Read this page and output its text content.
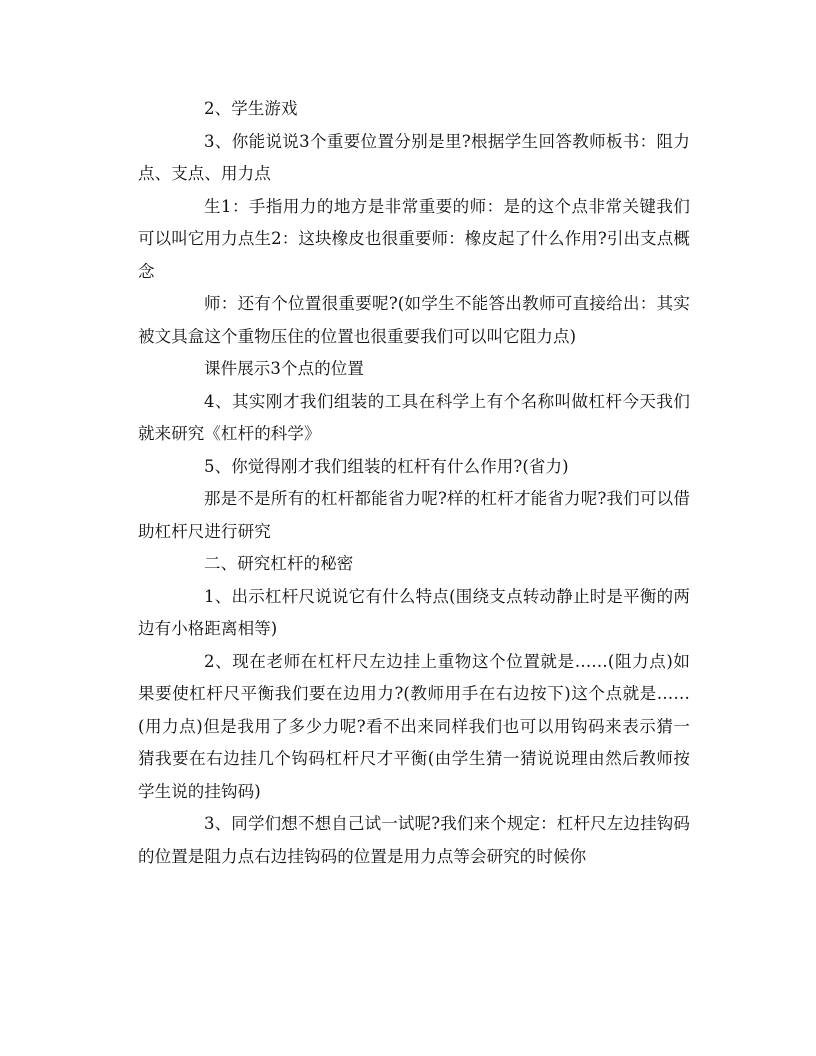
2、学生游戏

3、你能说说3个重要位置分别是里?根据学生回答教师板书：阻力点、支点、用力点

生1：手指用力的地方是非常重要的师：是的这个点非常关键我们可以叫它用力点生2：这块橡皮也很重要师：橡皮起了什么作用?引出支点概念

师：还有个位置很重要呢?(如学生不能答出教师可直接给出：其实被文具盒这个重物压住的位置也很重要我们可以叫它阻力点)

课件展示3个点的位置

4、其实刚才我们组装的工具在科学上有个名称叫做杠杆今天我们就来研究《杠杆的科学》

5、你觉得刚才我们组装的杠杆有什么作用?(省力)

那是不是所有的杠杆都能省力呢?样的杠杆才能省力呢?我们可以借助杠杆尺进行研究

二、研究杠杆的秘密

1、出示杠杆尺说说它有什么特点(围绕支点转动静止时是平衡的两边有小格距离相等)

2、现在老师在杠杆尺左边挂上重物这个位置就是……(阻力点)如果要使杠杆尺平衡我们要在边用力?(教师用手在右边按下)这个点就是……(用力点)但是我用了多少力呢?看不出来同样我们也可以用钩码来表示猜一猜我要在右边挂几个钩码杠杆尺才平衡(由学生猜一猜说说理由然后教师按学生说的挂钩码)

3、同学们想不想自己试一试呢?我们来个规定：杠杆尺左边挂钩码的位置是阻力点右边挂钩码的位置是用力点等会研究的时候你
